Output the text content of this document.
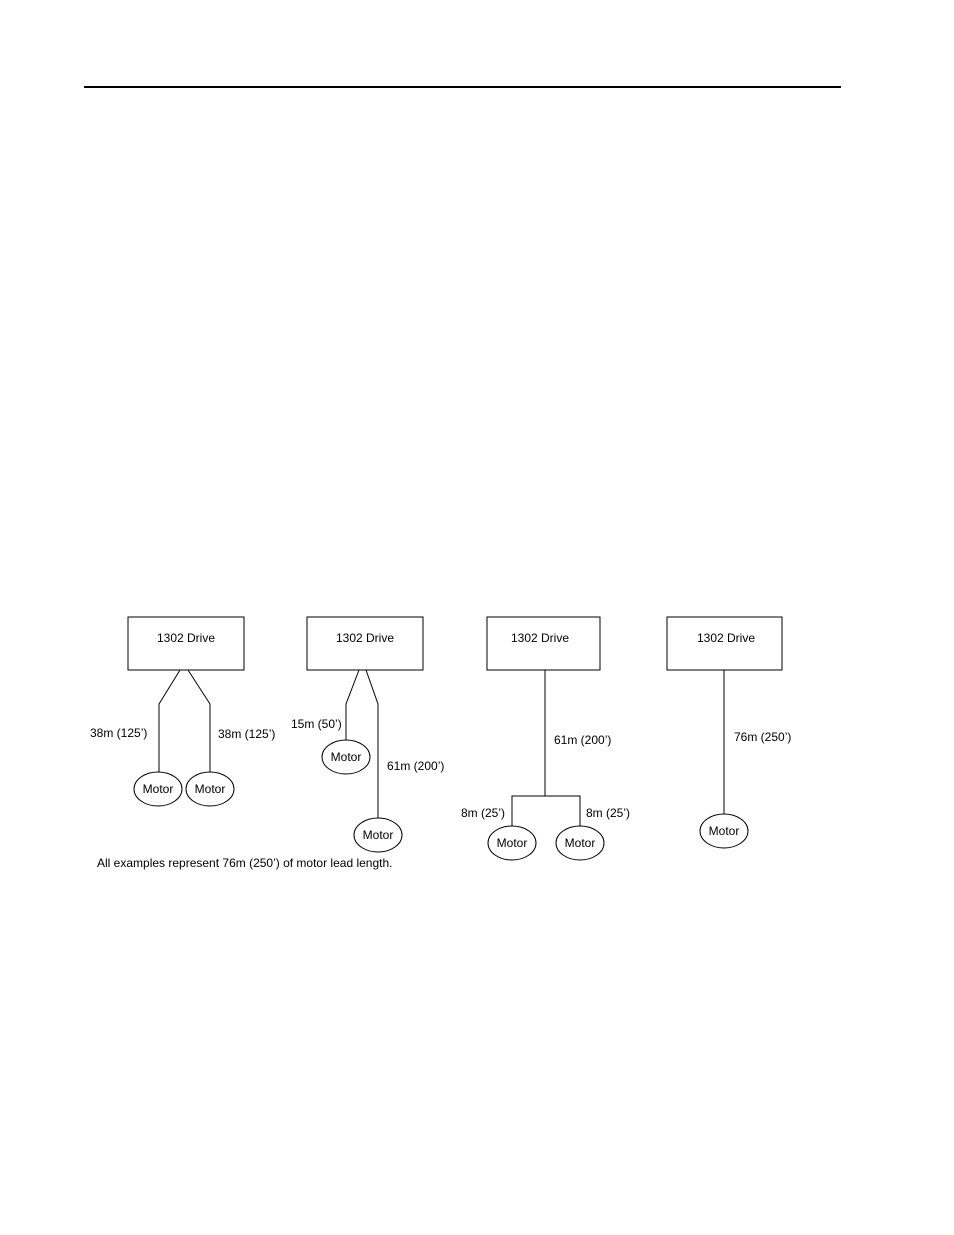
1302 Drive
38m (125’)	38m (125’)
Motor Motor
1302 Drive
15m (50’)
61m (200’)
Motor
Motor
1302 Drive
61m (200’)
8m (25’)	8m (25’)
Motor	Motor
1302 Drive
76m (250’)
Motor
All examples represent 76m (250’) of motor lead length.
